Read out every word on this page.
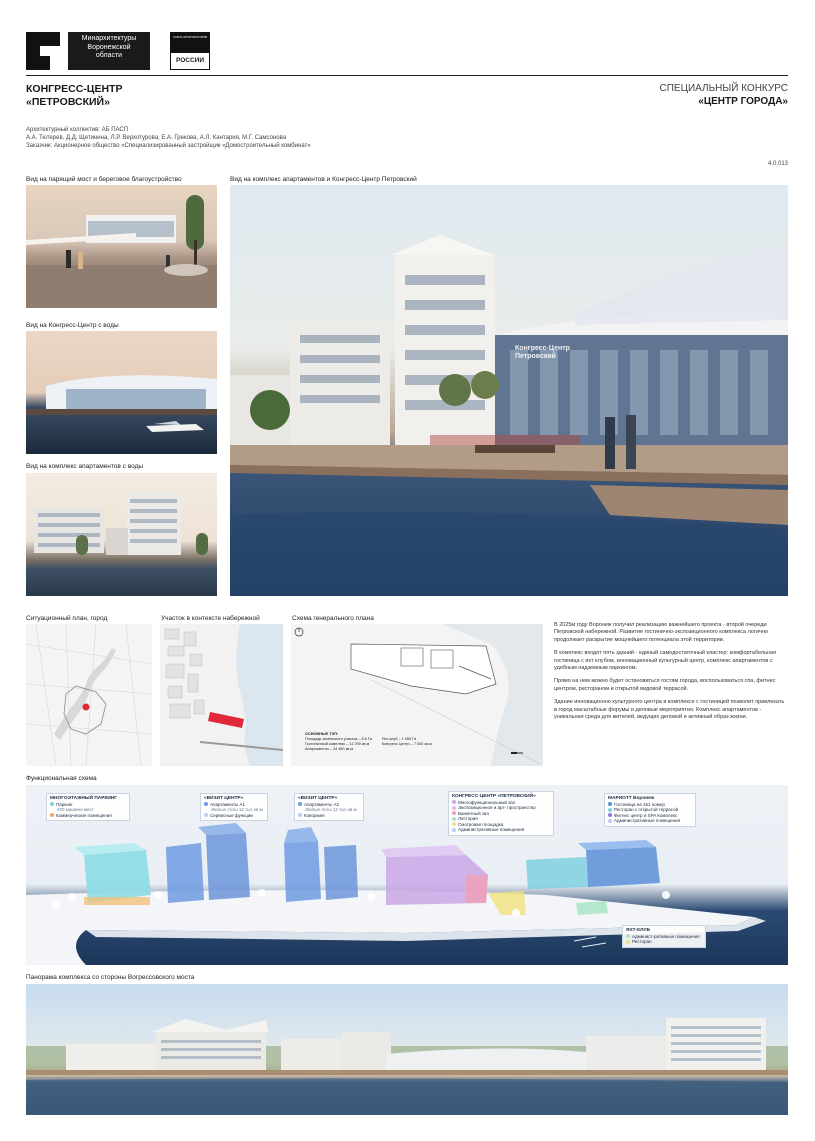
Минархитектуры
Воронежской
области
СОЮЗ АРХИТЕКТОРОВ
РОССИИ
КОНГРЕСС-ЦЕНТР
«ПЕТРОВСКИЙ»
СПЕЦИАЛЬНЫЙ КОНКУРС
«ЦЕНТР ГОРОДА»
Архитектурный коллектив: АБ ПАСП
А.А. Тютерев, Д.Д. Щетинина, Л.Р. Верхотурова, Е.А. Грекова, А.Л. Кантария, М.Г. Самсонова
Заказчик: Акционерное общество «Специализированный застройщик «Домостроительный комбинат»
4.0.013
Вид на парящий мост и береговое благоустройство	Вид на комплекс апартаментов и Конгресс-Центр Петровский
Вид на Конгресс-Центр с воды
Вид на комплекс апартаментов с воды
Конгресс-Центр Петровский
Ситуационный план, город	Участок в контексте набережной	Схема генерального плана
ОСНОВНЫЕ ТЭП:
Площадь земельного участка – 8,6 Га
Гостиничный комплекс – 11 290 кв.м
Апартаменты – 24 480 кв.м
Яхт-клуб – 1 060 Га
Конгресс Центр – 7 000 кв.м

В 2025м году Воронеж получил реализацию важнейшего проекта - второй очереди Петровской набережной. Развитие гостинично-экспозиционного комплекса логично продолжает раскрытие мощнейшего потенциала этой территории.

В комплекс входят пять зданий - единый самодостаточный кластер: комфортабельная гостиница с яхт клубом, инновационный культурный центр, комплекс апартаментов с удобным надземным паркингом.

Прямо на нем можно будет остановиться гостям города, воспользоваться спа, фитнес центром, рестораном и открытой видовой террасой.

Здание инновационно культурного центра в комплексе с гостиницей позволит привлекать в город масштабные форумы и деловые мероприятия. Комплекс апартаментов - уникальная среда для жителей, ведущих деловой и активный образ жизни.

Функциональная схема
МНОГОЭТАЖНЫЙ ПАРКИНГ
Паркинг
400 машино-мест
Коммерческие помещения
«ВИЗИТ ЦЕНТР»
Апартаменты А1
Жилые лоты 12 тыс кв.м
Сервисные функции
«ВИЗИТ ЦЕНТР»
Апартаменты А2
Жилые лоты 12 тыс кв.м
Коворкинг
КОНГРЕСС-ЦЕНТР «ПЕТРОВСКИЙ»
Многофункциональный зал
Экспозиционное и арт- пространство
Банкетный зал
Лестория
Смотровая площадка
Административные помещения
МАРИОТТ Воронеж
Гостиница на 151 номер
Ресторан с открытой террасой
Фитнес центр и SPA Комплекс
Административные помещения
ЯХТ-КЛУБ
Админист-ративные помещения
Ресторан
Панорама комплекса со стороны Вогрессовского моста
